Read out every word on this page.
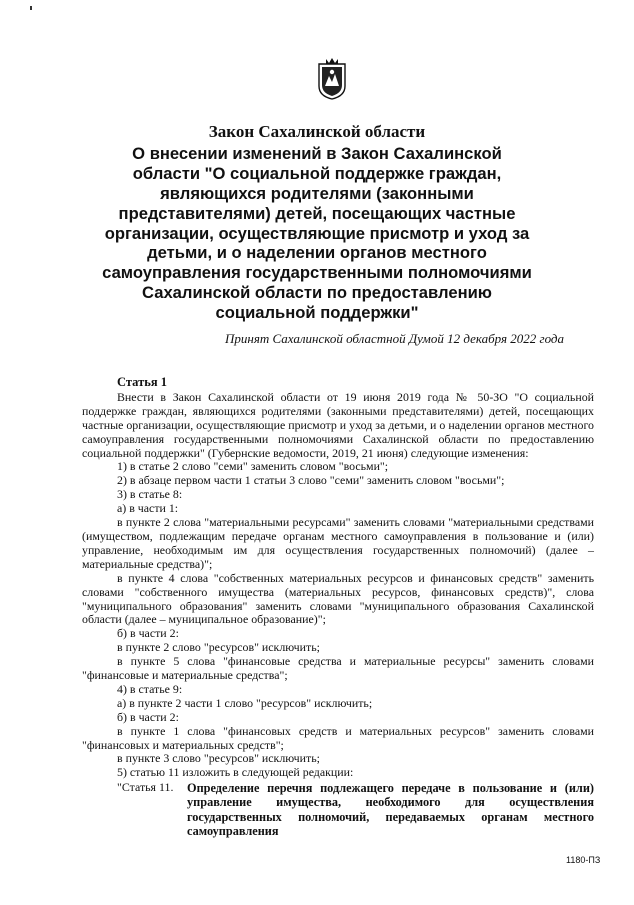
Закон Сахалинской области
О внесении изменений в Закон Сахалинской
области "О социальной поддержке граждан,
являющихся родителями (законными
представителями) детей, посещающих частные
организации, осуществляющие присмотр и уход за
детьми, и о наделении органов местного
самоуправления государственными полномочиями
Сахалинской области по предоставлению
социальной поддержки"
Принят Сахалинской областной Думой 12 декабря 2022 года

Статья 1

Внести в Закон Сахалинской области от 19 июня 2019 года № 50-ЗО "О социальной поддержке граждан, являющихся родителями (законными представителями) детей, посещающих частные организации, осуществляющие присмотр и уход за детьми, и о наделении органов местного самоуправления государственными полномочиями Сахалинской области по предоставлению социальной поддержки" (Губернские ведомости, 2019, 21 июня) следующие изменения:

1) в статье 2 слово "семи" заменить словом "восьми";

2) в абзаце первом части 1 статьи 3 слово "семи" заменить словом "восьми";

3) в статье 8:

а) в части 1:

в пункте 2 слова "материальными ресурсами" заменить словами "материальными средствами (имуществом, подлежащим передаче органам местного самоуправления в пользование и (или) управление, необходимым им для осуществления государственных полномочий) (далее – материальные средства)";

в пункте 4 слова "собственных материальных ресурсов и финансовых средств" заменить словами "собственного имущества (материальных ресурсов, финансовых средств)", слова "муниципального образования" заменить словами "муниципального образования Сахалинской области (далее – муниципальное образование)";

б) в части 2:

в пункте 2 слово "ресурсов" исключить;

в пункте 5 слова "финансовые средства и материальные ресурсы" заменить словами "финансовые и материальные средства";

4) в статье 9:

а) в пункте 2 части 1 слово "ресурсов" исключить;

б) в части 2:

в пункте 1 слова "финансовых средств и материальных ресурсов" заменить словами "финансовых и материальных средств";

в пункте 3 слово "ресурсов" исключить;

5) статью 11 изложить в следующей редакции:

"Статья 11.	Определение перечня подлежащего передаче в пользование и (или) управление имущества, необходимого для осуществления государственных полномочий, передаваемых органам местного самоуправления
1180-ПЗ
